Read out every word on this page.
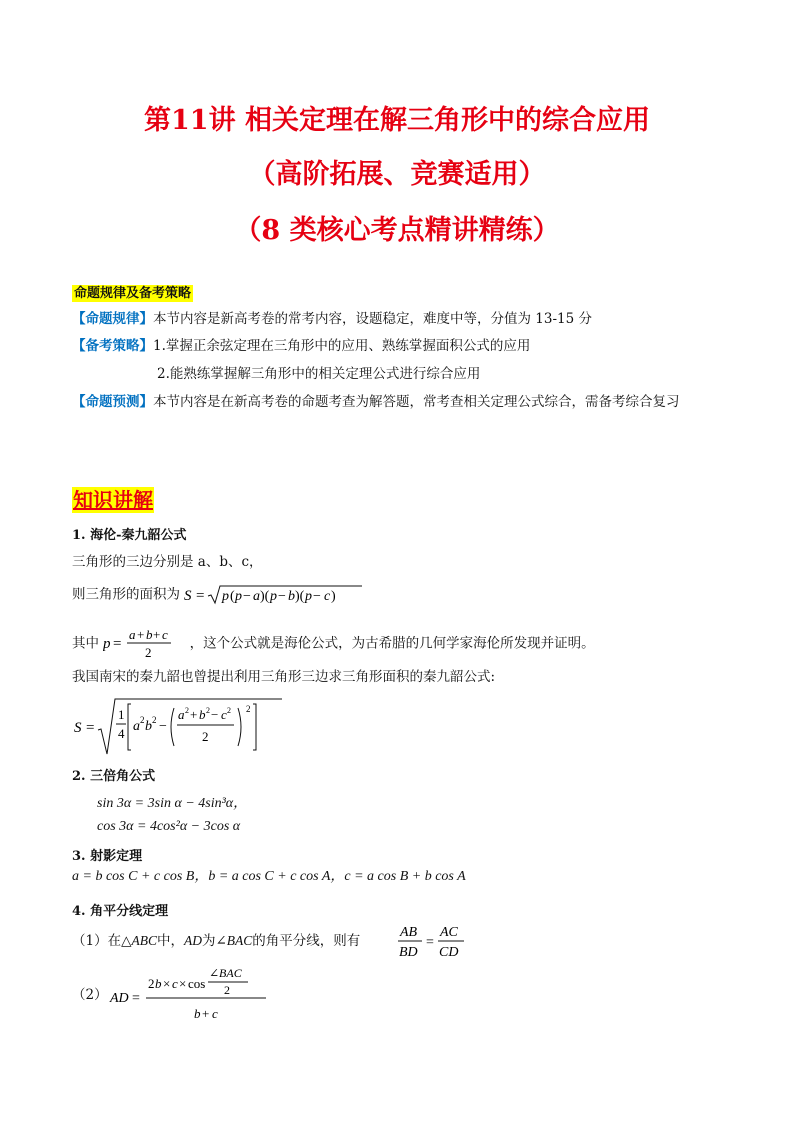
第11讲 相关定理在解三角形中的综合应用
（高阶拓展、竞赛适用）
（8 类核心考点精讲精练）
命题规律及备考策略
【命题规律】本节内容是新高考卷的常考内容，设题稳定，难度中等，分值为 13-15 分
【备考策略】1.掌握正余弦定理在三角形中的应用、熟练掌握面积公式的应用
2.能熟练掌握解三角形中的相关定理公式进行综合应用
【命题预测】本节内容是在新高考卷的命题考查为解答题，常考查相关定理公式综合，需备考综合复习
知识讲解
1. 海伦-秦九韶公式
三角形的三边分别是 a、b、c，
则三角形的面积为 S = p ( p − a )( p − b )( p − c )
其中 p =
a + b + c
2
，这个公式就是海伦公式，为古希腊的几何学家海伦所发现并证明。
我国南宋的秦九韶也曾提出利用三角形三边求三角形面积的秦九韶公式:
S =
1
4 a 2 b 2 −
a 2 + b 2 − c 2
2
2
2. 三倍角公式
sin 3α = 3sin α − 4sin³α，
cos 3α = 4cos²α − 3cos α
3. 射影定理
a = b cos C + c cos B，b = a cos C + c cos A，c = a cos B + b cos A
4. 角平分线定理
（1）在△ABC中，AD为∠BAC的角平分线，则有
AB
BD
=
AC
CD
（2） AD =
2 b × c × cos
∠BAC
2
b + c
